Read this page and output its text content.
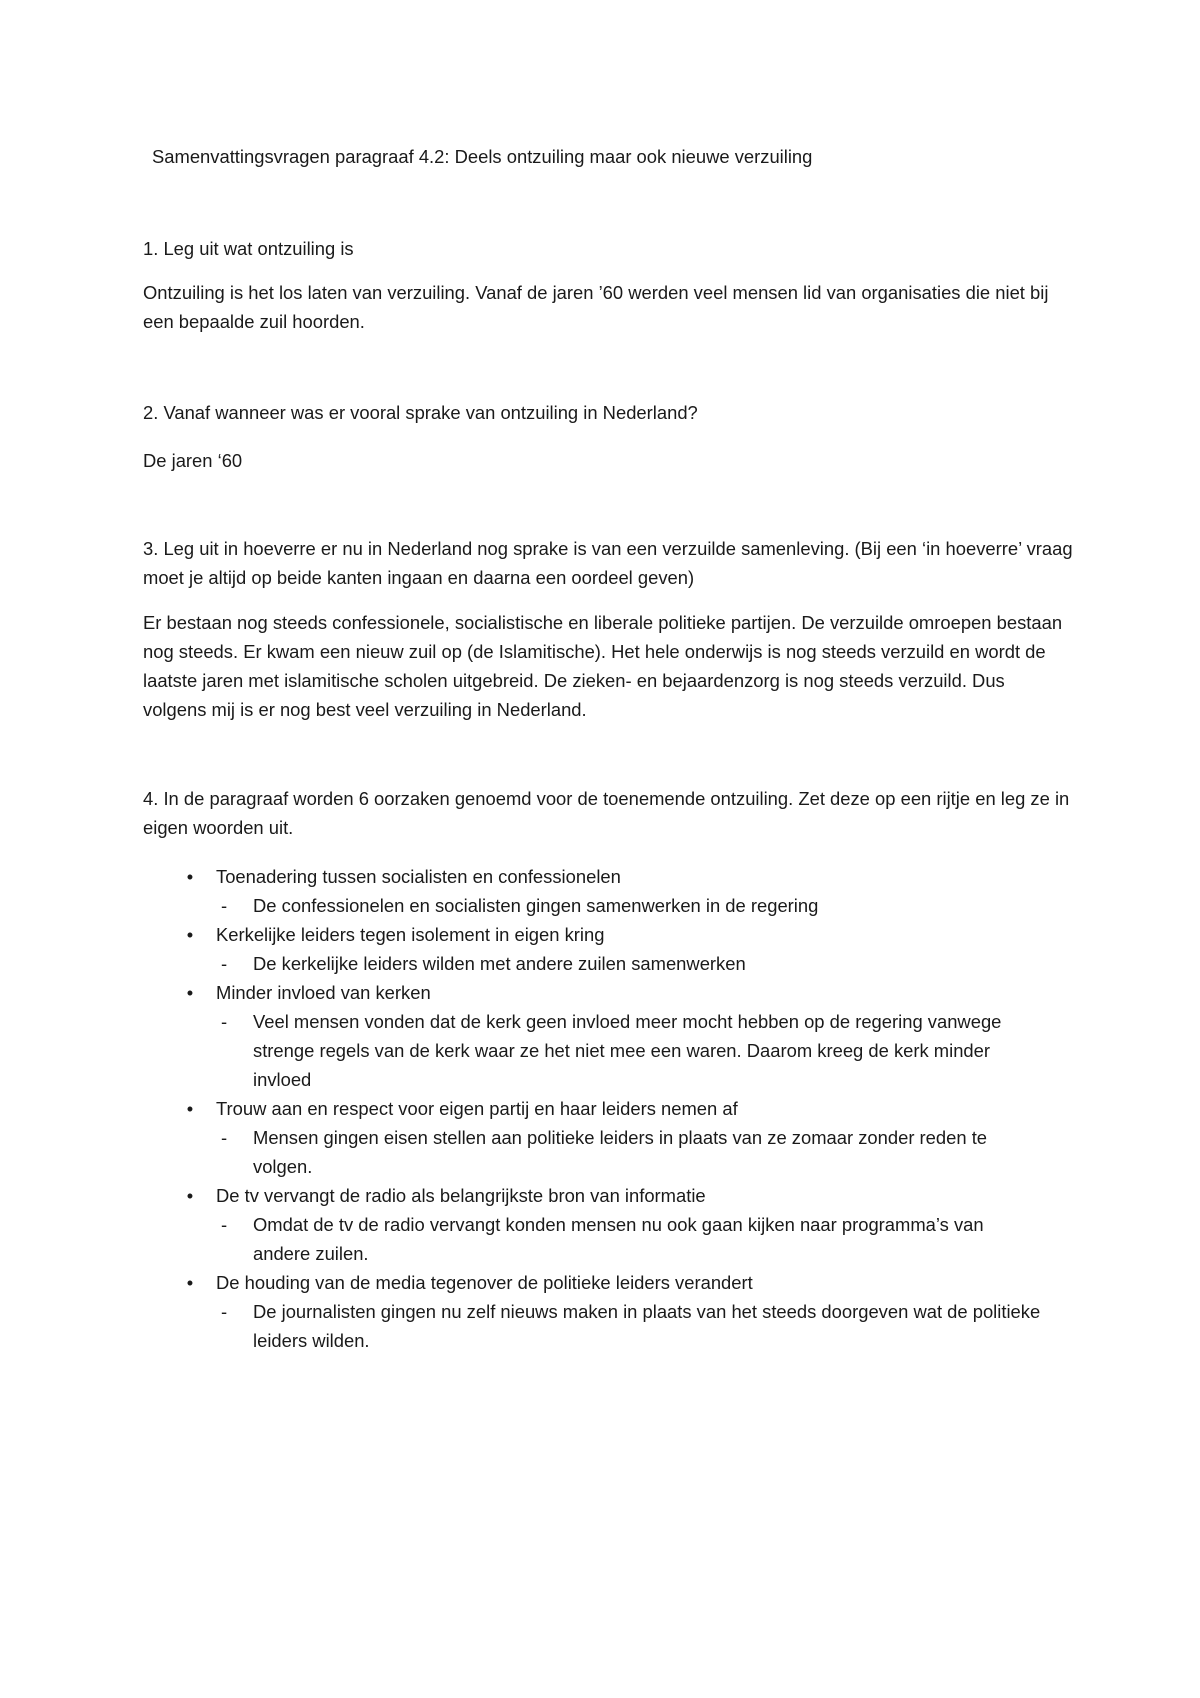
Samenvattingsvragen paragraaf 4.2: Deels ontzuiling maar ook nieuwe verzuiling

1. Leg uit wat ontzuiling is

Ontzuiling is het los laten van verzuiling. Vanaf de jaren ’60 werden veel mensen lid van organisaties die niet bij een bepaalde zuil hoorden.

2. Vanaf wanneer was er vooral sprake van ontzuiling in Nederland?

De jaren ‘60

3. Leg uit in hoeverre er nu in Nederland nog sprake is van een verzuilde samenleving. (Bij een ‘in hoeverre’ vraag moet je altijd op beide kanten ingaan en daarna een oordeel geven)

Er bestaan nog steeds confessionele, socialistische en liberale politieke partijen. De verzuilde omroepen bestaan nog steeds. Er kwam een nieuw zuil op (de Islamitische). Het hele onderwijs is nog steeds verzuild en wordt de laatste jaren met islamitische scholen uitgebreid. De zieken- en bejaardenzorg is nog steeds verzuild. Dus volgens mij is er nog best veel verzuiling in Nederland.

4. In de paragraaf worden 6 oorzaken genoemd voor de toenemende ontzuiling. Zet deze op een rijtje en leg ze in eigen woorden uit.

• Toenadering tussen socialisten en confessionelen
- De confessionelen en socialisten gingen samenwerken in de regering
• Kerkelijke leiders tegen isolement in eigen kring
- De kerkelijke leiders wilden met andere zuilen samenwerken
• Minder invloed van kerken
- Veel mensen vonden dat de kerk geen invloed meer mocht hebben op de regering vanwege strenge regels van de kerk waar ze het niet mee een waren. Daarom kreeg de kerk minder invloed
• Trouw aan en respect voor eigen partij en haar leiders nemen af
- Mensen gingen eisen stellen aan politieke leiders in plaats van ze zomaar zonder reden te volgen.
• De tv vervangt de radio als belangrijkste bron van informatie
- Omdat de tv de radio vervangt konden mensen nu ook gaan kijken naar programma’s van andere zuilen.
• De houding van de media tegenover de politieke leiders verandert
- De journalisten gingen nu zelf nieuws maken in plaats van het steeds doorgeven wat de politieke leiders wilden.
